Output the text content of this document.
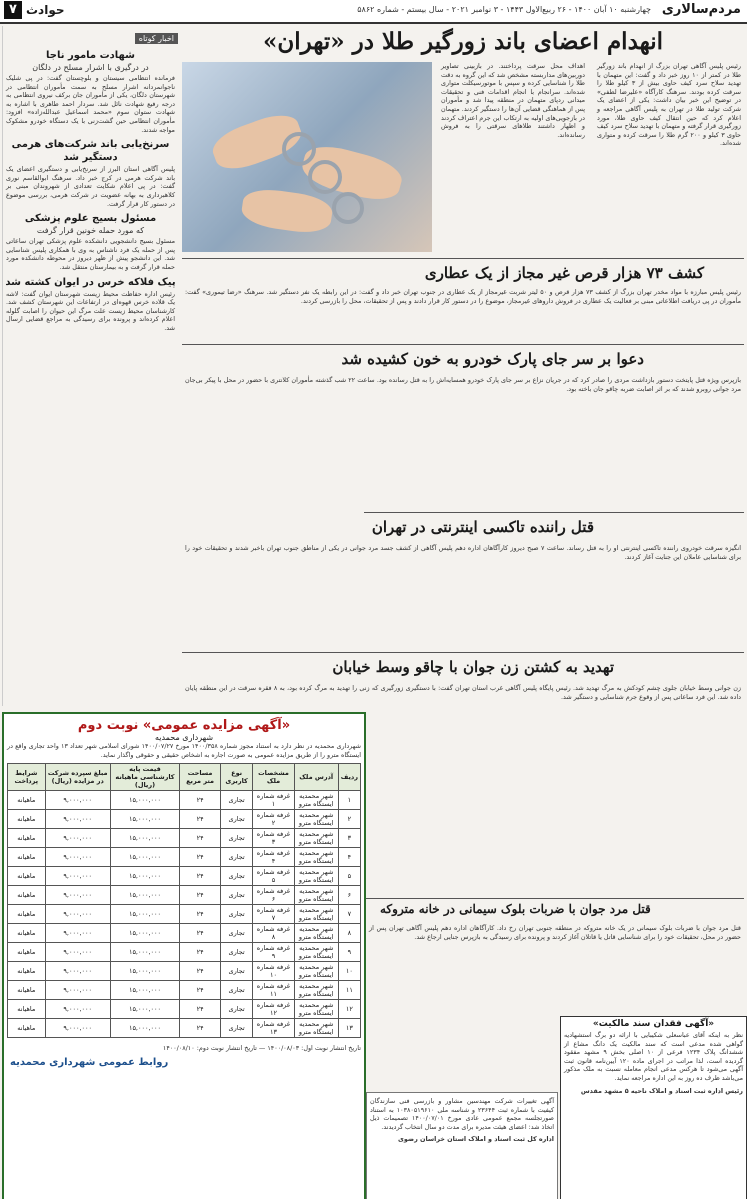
مردم‌سالاری
چهارشنبه ۱۰ آبان ۱۴۰۰ - ۲۶ ربیع‌الاول ۱۴۴۳ - ۳ نوامبر ۲۰۲۱ - سال بیستم - شماره ۵۸۶۲
حوادث
۷
اخبار کوتاه
شهادت مامور ناجا
در درگیری با اشرار مسلح در دلگان
فرمانده انتظامی سیستان و بلوچستان گفت: در پی شلیک ناجوانمردانه اشرار مسلح به سمت مأموران انتظامی در شهرستان دلگان، یکی از مأموران جان برکف نیروی انتظامی به درجه رفیع شهادت نائل شد. سردار احمد طاهری با اشاره به شهادت ستوان سوم «محمد اسماعیل عبدالله‌زاده» افزود: مأموران انتظامی حین گشت‌زنی با یک دستگاه خودرو مشکوک مواجه شدند.
سرنخ‌یابی باند شرکت‌های هرمی دستگیر شد
پلیس آگاهی استان البرز از سرنخ‌یابی و دستگیری اعضای یک باند شرکت هرمی در کرج خبر داد. سرهنگ ابوالقاسم نوری گفت: در پی اعلام شکایت تعدادی از شهروندان مبنی بر کلاهبرداری به بهانه عضویت در شرکت هرمی، بررسی موضوع در دستور کار قرار گرفت.
مسئول بسیج علوم پزشکی
که مورد حمله خونین قرار گرفت
مسئول بسیج دانشجویی دانشکده علوم پزشکی تهران ساعاتی پس از حمله یک فرد ناشناس به وی با همکاری پلیس شناسایی شد. این دانشجو پیش از ظهر دیروز در محوطه دانشکده مورد حمله قرار گرفت و به بیمارستان منتقل شد.
پیک فلاکه خرس در ایوان کشته شد
رئیس اداره حفاظت محیط زیست شهرستان ایوان گفت: لاشه یک قلاده خرس قهوه‌ای در ارتفاعات این شهرستان کشف شد. کارشناسان محیط زیست علت مرگ این حیوان را اصابت گلوله اعلام کرده‌اند و پرونده برای رسیدگی به مراجع قضایی ارسال شد.
انهدام اعضای باند زورگیر طلا در «تهران»
رئیس پلیس آگاهی تهران بزرگ از انهدام باند زورگیر طلا در کمتر از ۱۰ روز خبر داد و گفت: این متهمان با تهدید سلاح سرد کیف حاوی بیش از ۳ کیلو طلا را سرقت کرده بودند. سرهنگ کارآگاه «علیرضا لطفی» در توضیح این خبر بیان داشت: یکی از اعضای یک شرکت تولید طلا در تهران به پلیس آگاهی مراجعه و اعلام کرد که حین انتقال کیف حاوی طلا، مورد زورگیری قرار گرفته و متهمان با تهدید سلاح سرد کیف حاوی ۳ کیلو و ۲۰۰ گرم طلا را سرقت کرده و متواری شده‌اند.
اهداف محل سرقت پرداختند. در بازبینی تصاویر دوربین‌های مداربسته مشخص شد که این گروه به دقت طلا را شناسایی کرده و سپس با موتورسیکلت متواری شده‌اند. سرانجام با انجام اقدامات فنی و تحقیقات میدانی ردپای متهمان در منطقه پیدا شد و مأموران پس از هماهنگی قضایی آن‌ها را دستگیر کردند. متهمان در بازجویی‌های اولیه به ارتکاب این جرم اعتراف کردند و اظهار داشتند طلاهای سرقتی را به فروش رسانده‌اند.
کشف ۷۳ هزار قرص غیر مجاز از یک عطاری
رئیس پلیس مبارزه با مواد مخدر تهران بزرگ از کشف ۷۳ هزار قرص و ۵۰ لیتر شربت غیرمجاز از یک عطاری در جنوب تهران خبر داد و گفت: در این رابطه یک نفر دستگیر شد. سرهنگ «رضا تیموری» گفت: مأموران در پی دریافت اطلاعاتی مبنی بر فعالیت یک عطاری در فروش داروهای غیرمجاز، موضوع را در دستور کار قرار دادند و پس از تحقیقات، محل را بازرسی کردند.
دعوا بر سر جای پارک خودرو به خون کشیده شد
بازپرس ویژه قتل پایتخت دستور بازداشت مردی را صادر کرد که در جریان نزاع بر سر جای پارک خودرو همسایه‌اش را به قتل رسانده بود. ساعت ۲۲ شب گذشته مأموران کلانتری با حضور در محل با پیکر بی‌جان مرد جوانی روبرو شدند که بر اثر اصابت ضربه چاقو جان باخته بود.
قتل راننده تاکسی اینترنتی در تهران
انگیزه سرقت خودروی راننده تاکسی اینترنتی او را به قتل رساند. ساعت ۷ صبح دیروز کارآگاهان اداره دهم پلیس آگاهی از کشف جسد مرد جوانی در یکی از مناطق جنوب تهران باخبر شدند و تحقیقات خود را برای شناسایی عاملان این جنایت آغاز کردند.
تهدید به کشتن زن جوان با چاقو وسط خیابان
زن جوانی وسط خیابان جلوی چشم کودکش به مرگ تهدید شد. رئیس پایگاه پلیس آگاهی غرب استان تهران گفت: با دستگیری زورگیری که زنی را تهدید به مرگ کرده بود، به ۸ فقره سرقت در این منطقه پایان داده شد. این فرد ساعاتی پس از وقوع جرم شناسایی و دستگیر شد.
قتل مرد جوان با ضربات بلوک سیمانی در خانه متروکه
قتل مرد جوان با ضربات بلوک سیمانی در یک خانه متروکه در منطقه جنوبی تهران رخ داد. کارآگاهان اداره دهم پلیس آگاهی تهران پس از حضور در محل، تحقیقات خود را برای شناسایی قاتل یا قاتلان آغاز کردند و پرونده برای رسیدگی به بازپرس جنایی ارجاع شد.
«آگهی مزایده عمومی» نوبت دوم
شهرداری محمدیه
شهرداری محمدیه در نظر دارد به استناد مجوز شماره ۱۴۰۰/۳۵۸ مورخ ۱۴۰۰/۰۷/۲۷ شورای اسلامی شهر تعداد ۱۳ واحد تجاری واقع در ایستگاه مترو را از طریق مزایده عمومی به صورت اجاره به اشخاص حقیقی و حقوقی واگذار نماید.
ردیف	آدرس ملک	مشخصات ملک	نوع کاربری	مساحت متر مربع	قیمت پایه کارشناسی ماهیانه (ریال)	مبلغ سپرده شرکت در مزایده (ریال)	شرایط پرداخت
۱	شهر محمدیه ایستگاه مترو	غرفه شماره ۱	تجاری	۲۴	۱۵,۰۰۰,۰۰۰	۹,۰۰۰,۰۰۰	ماهیانه
۲	شهر محمدیه ایستگاه مترو	غرفه شماره ۲	تجاری	۲۴	۱۵,۰۰۰,۰۰۰	۹,۰۰۰,۰۰۰	ماهیانه
۳	شهر محمدیه ایستگاه مترو	غرفه شماره ۳	تجاری	۲۴	۱۵,۰۰۰,۰۰۰	۹,۰۰۰,۰۰۰	ماهیانه
۴	شهر محمدیه ایستگاه مترو	غرفه شماره ۴	تجاری	۲۴	۱۵,۰۰۰,۰۰۰	۹,۰۰۰,۰۰۰	ماهیانه
۵	شهر محمدیه ایستگاه مترو	غرفه شماره ۵	تجاری	۲۴	۱۵,۰۰۰,۰۰۰	۹,۰۰۰,۰۰۰	ماهیانه
۶	شهر محمدیه ایستگاه مترو	غرفه شماره ۶	تجاری	۲۴	۱۵,۰۰۰,۰۰۰	۹,۰۰۰,۰۰۰	ماهیانه
۷	شهر محمدیه ایستگاه مترو	غرفه شماره ۷	تجاری	۲۴	۱۵,۰۰۰,۰۰۰	۹,۰۰۰,۰۰۰	ماهیانه
۸	شهر محمدیه ایستگاه مترو	غرفه شماره ۸	تجاری	۲۴	۱۵,۰۰۰,۰۰۰	۹,۰۰۰,۰۰۰	ماهیانه
۹	شهر محمدیه ایستگاه مترو	غرفه شماره ۹	تجاری	۲۴	۱۵,۰۰۰,۰۰۰	۹,۰۰۰,۰۰۰	ماهیانه
۱۰	شهر محمدیه ایستگاه مترو	غرفه شماره ۱۰	تجاری	۲۴	۱۵,۰۰۰,۰۰۰	۹,۰۰۰,۰۰۰	ماهیانه
۱۱	شهر محمدیه ایستگاه مترو	غرفه شماره ۱۱	تجاری	۲۴	۱۵,۰۰۰,۰۰۰	۹,۰۰۰,۰۰۰	ماهیانه
۱۲	شهر محمدیه ایستگاه مترو	غرفه شماره ۱۲	تجاری	۲۴	۱۵,۰۰۰,۰۰۰	۹,۰۰۰,۰۰۰	ماهیانه
۱۳	شهر محمدیه ایستگاه مترو	غرفه شماره ۱۳	تجاری	۲۴	۱۵,۰۰۰,۰۰۰	۹,۰۰۰,۰۰۰	ماهیانه
تاریخ انتشار نوبت اول: ۱۴۰۰/۰۸/۰۳ — تاریخ انتشار نوبت دوم: ۱۴۰۰/۰۸/۱۰
روابط عمومی شهرداری محمدیه
آگهی تغییرات شرکت مهندسین مشاور و بازرسی فنی سازندگان کیفیت با شماره ثبت ۲۳۶۴۴ و شناسه ملی ۱۰۳۸۰۵۱۹۶۱۰ به استناد صورتجلسه مجمع عمومی عادی مورخ ۱۴۰۰/۰۷/۰۱ تصمیمات ذیل اتخاذ شد: اعضای هیئت مدیره برای مدت دو سال انتخاب گردیدند.
اداره کل ثبت اسناد و املاک استان خراسان رضوی
«آگهی فقدان سند مالکیت»
نظر به اینکه آقای عباسعلی شکیبایی با ارائه دو برگ استشهادیه گواهی شده مدعی است که سند مالکیت یک دانگ مشاع از ششدانگ پلاک ۱۲۳۴ فرعی از ۱۰ اصلی بخش ۹ مشهد مفقود گردیده است، لذا مراتب در اجرای ماده ۱۲۰ آیین‌نامه قانون ثبت آگهی می‌شود تا هرکس مدعی انجام معامله نسبت به ملک مذکور می‌باشد ظرف ده روز به این اداره مراجعه نماید.
رئیس اداره ثبت اسناد و املاک ناحیه ۵ مشهد مقدس
